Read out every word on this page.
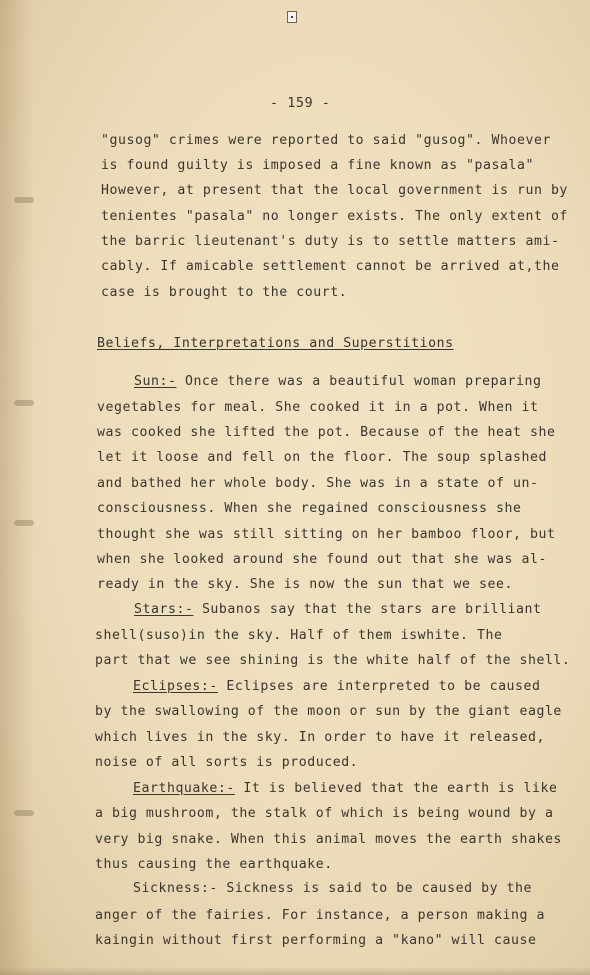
- 159 -
"gusog" crimes were reported to said "gusog". Whoever
is found guilty is imposed a fine known as "pasala"
However, at present that the local government is run by
tenientes "pasala" no longer exists. The only extent of
the barric lieutenant's duty is to settle matters ami-
cably. If amicable settlement cannot be arrived at,the
case is brought to the court.
Beliefs, Interpretations and Superstitions
Sun:- Once there was a beautiful woman preparing
vegetables for meal. She cooked it in a pot. When it
was cooked she lifted the pot. Because of the heat she
let it loose and fell on the floor. The soup splashed
and bathed her whole body. She was in a state of un-
consciousness. When she regained consciousness she
thought she was still sitting on her bamboo floor, but
when she looked around she found out that she was al-
ready in the sky. She is now the sun that we see.
Stars:- Subanos say that the stars are brilliant
shell(suso)in the sky. Half of them iswhite. The
part that we see shining is the white half of the shell.
Eclipses:- Eclipses are interpreted to be caused
by the swallowing of the moon or sun by the giant eagle
which lives in the sky. In order to have it released,
noise of all sorts is produced.
Earthquake:- It is believed that the earth is like
a big mushroom, the stalk of which is being wound by a
very big snake. When this animal moves the earth shakes
thus causing the earthquake.
Sickness:- Sickness is said to be caused by the
anger of the fairies. For instance, a person making a
kaingin without first performing a "kano" will cause
